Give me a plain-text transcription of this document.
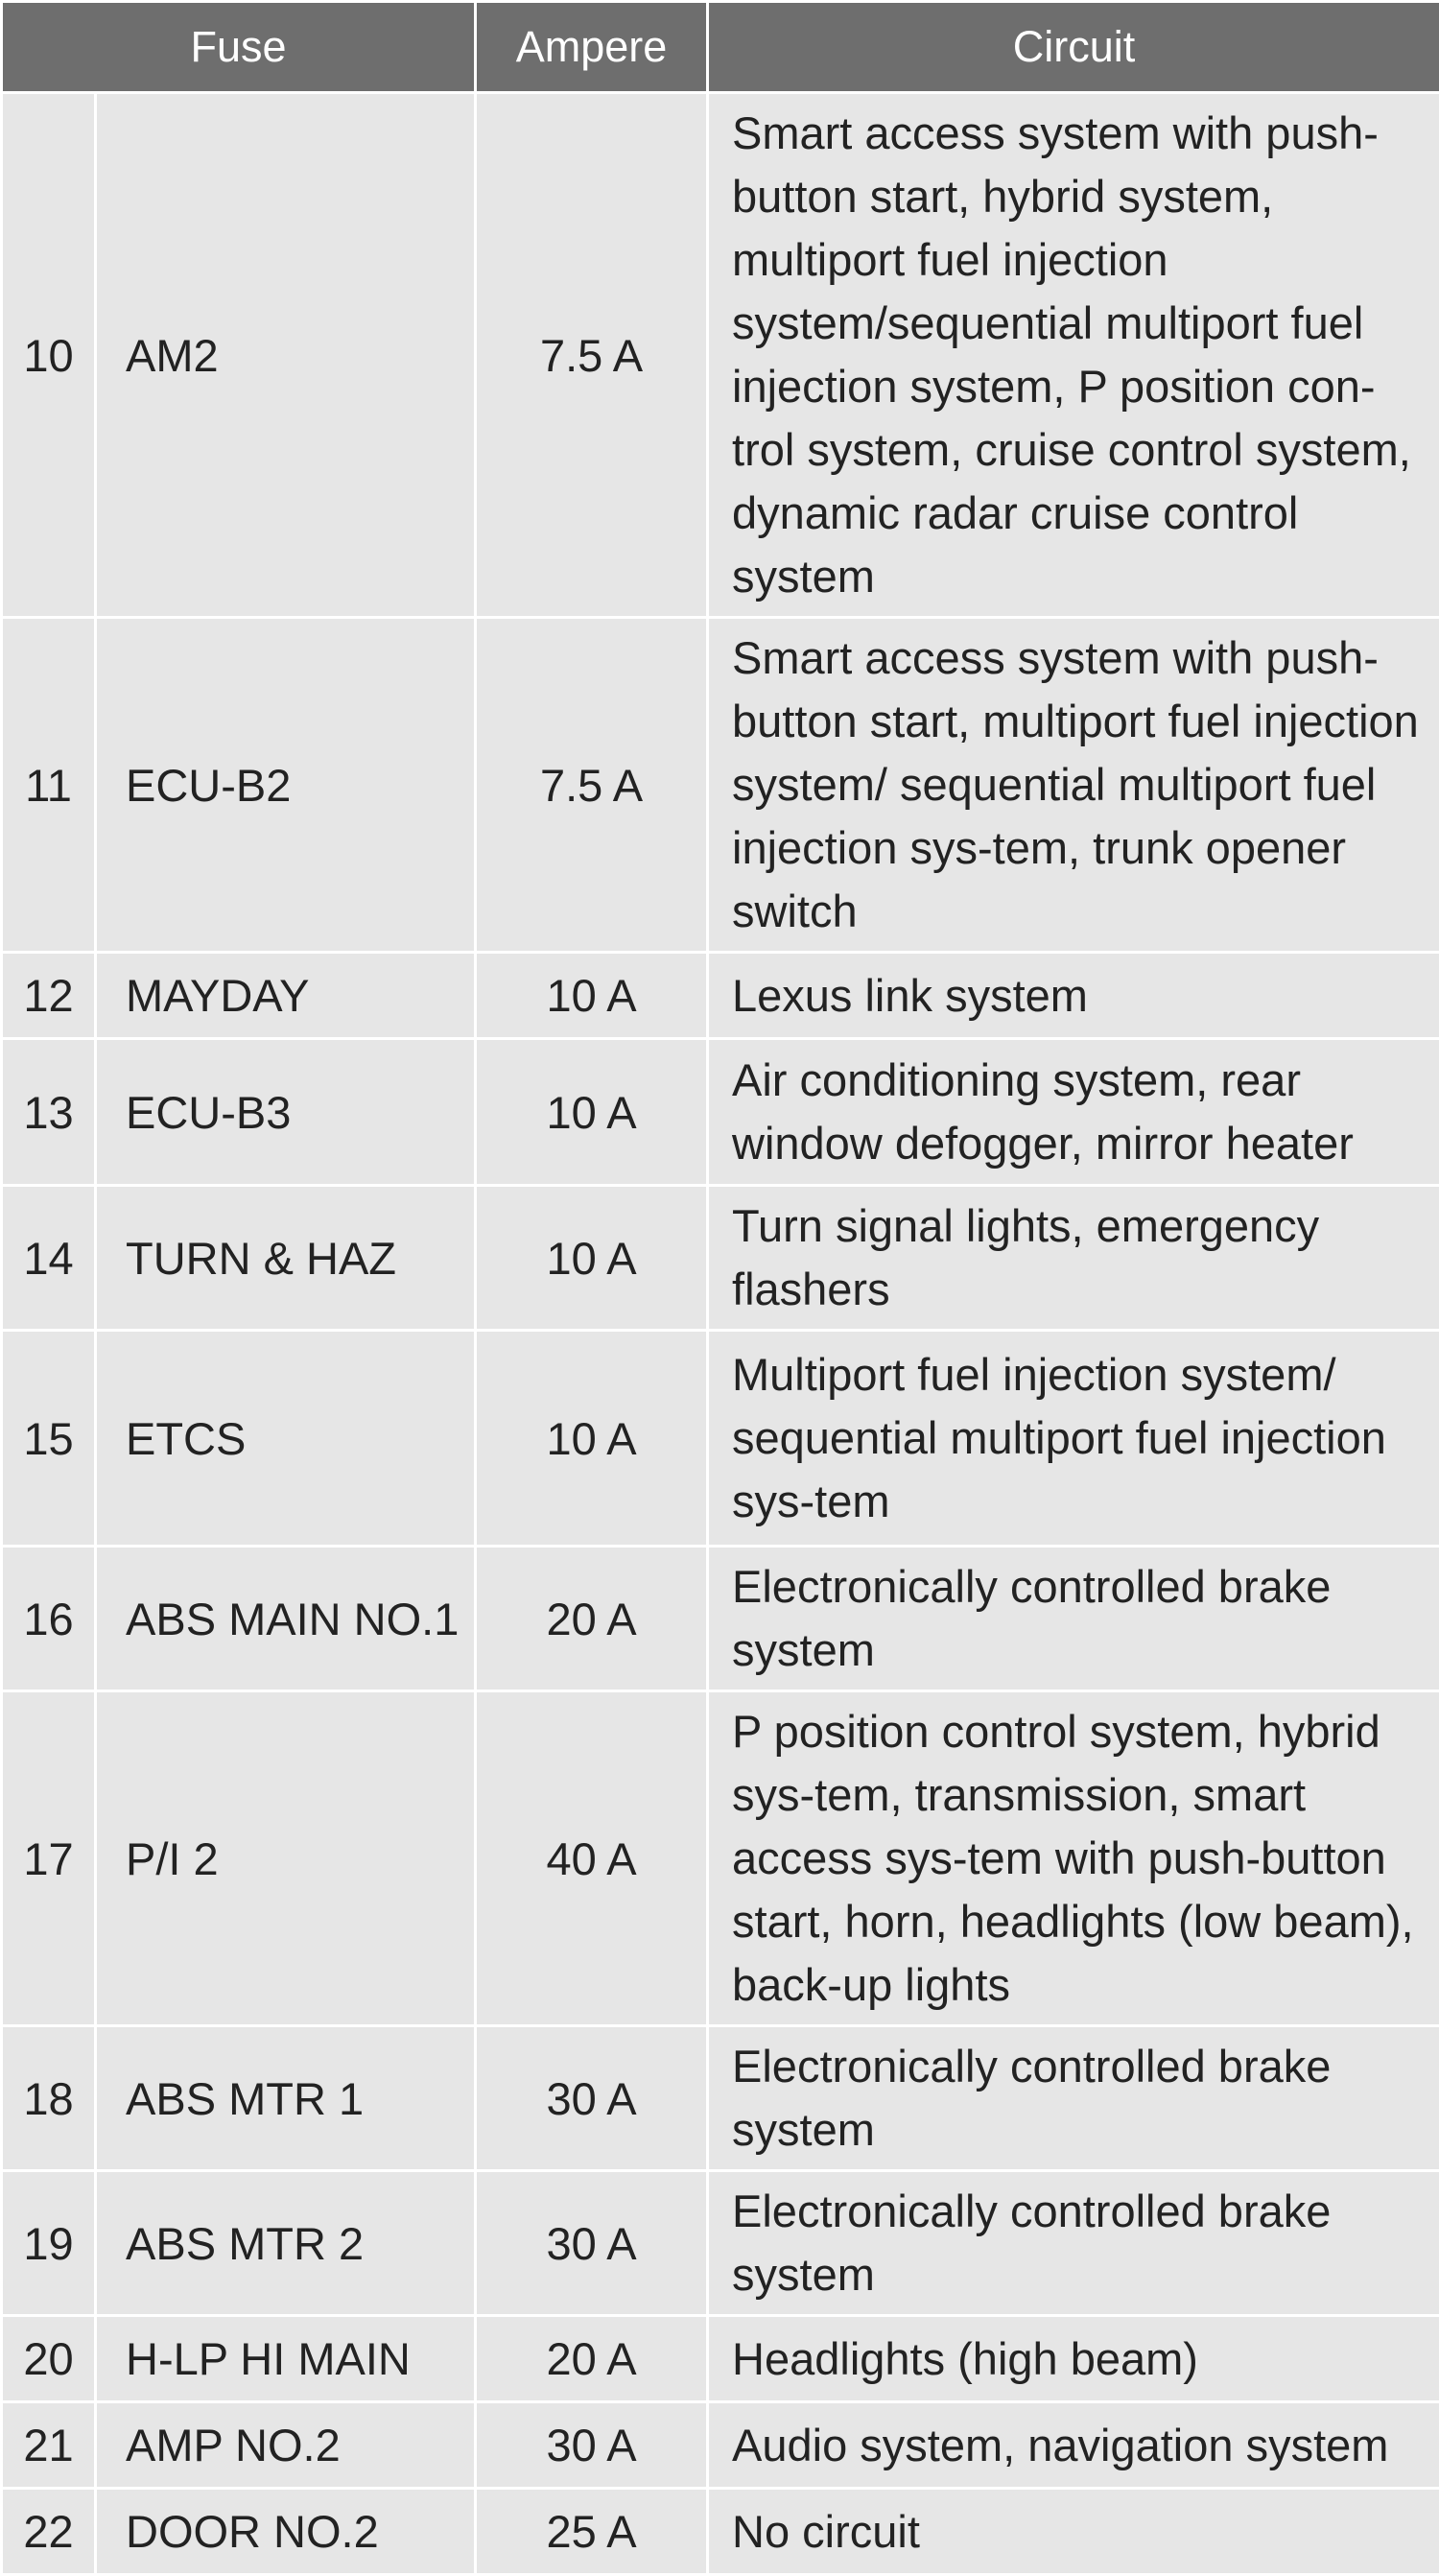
Fuse		Ampere	Circuit
10	AM2	7.5 A	Smart access system with push-button start, hybrid system, multiport fuel injection system/sequential multiport fuel injection system, P position con-trol system, cruise control system, dynamic radar cruise control system
11	ECU-B2	7.5 A	Smart access system with push-button start, multiport fuel injection system/ sequential multiport fuel injection sys-tem, trunk opener switch
12	MAYDAY	10 A	Lexus link system
13	ECU-B3	10 A	Air conditioning system, rear window defogger, mirror heater
14	TURN & HAZ	10 A	Turn signal lights, emergency flashers
15	ETCS	10 A	Multiport fuel injection system/ sequential multiport fuel injection sys-tem
16	ABS MAIN NO.1	20 A	Electronically controlled brake system
17	P/I 2	40 A	P position control system, hybrid sys-tem, transmission, smart access sys-tem with push-button start, horn, headlights (low beam), back-up lights
18	ABS MTR 1	30 A	Electronically controlled brake system
19	ABS MTR 2	30 A	Electronically controlled brake system
20	H-LP HI MAIN	20 A	Headlights (high beam)
21	AMP NO.2	30 A	Audio system, navigation system
22	DOOR NO.2	25 A	No circuit
